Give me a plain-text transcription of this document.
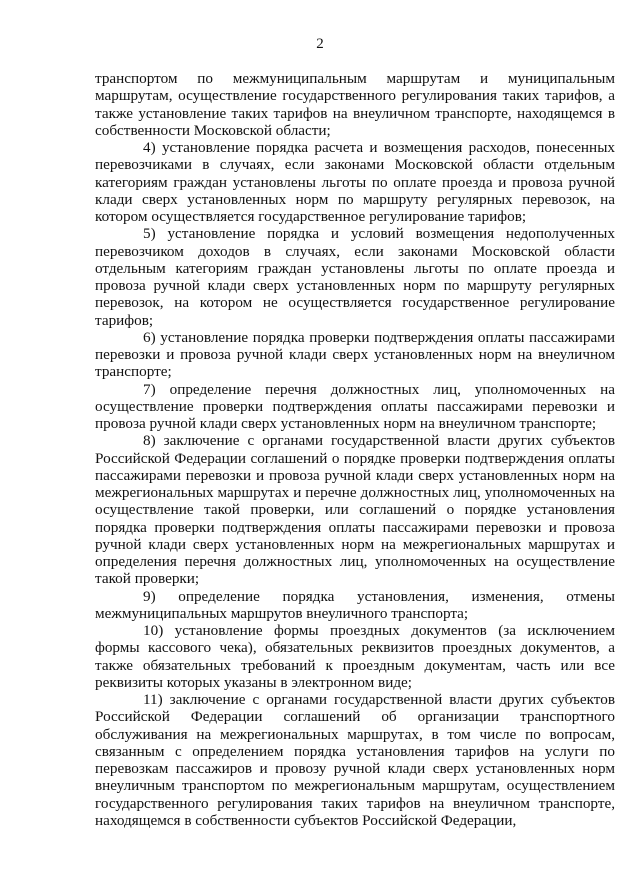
2

транспортом по межмуниципальным маршрутам и муниципальным маршрутам, осуществление государственного регулирования таких тарифов, а также установление таких тарифов на внеуличном транспорте, находящемся в собственности Московской области;

4) установление порядка расчета и возмещения расходов, понесенных перевозчиками в случаях, если законами Московской области отдельным категориям граждан установлены льготы по оплате проезда и провоза ручной клади сверх установленных норм по маршруту регулярных перевозок, на котором осуществляется государственное регулирование тарифов;

5) установление порядка и условий возмещения недополученных перевозчиком доходов в случаях, если законами Московской области отдельным категориям граждан установлены льготы по оплате проезда и провоза ручной клади сверх установленных норм по маршруту регулярных перевозок, на котором не осуществляется государственное регулирование тарифов;

6) установление порядка проверки подтверждения оплаты пассажирами перевозки и провоза ручной клади сверх установленных норм на внеуличном транспорте;

7) определение перечня должностных лиц, уполномоченных на осуществление проверки подтверждения оплаты пассажирами перевозки и провоза ручной клади сверх установленных норм на внеуличном транспорте;

8) заключение с органами государственной власти других субъектов Российской Федерации соглашений о порядке проверки подтверждения оплаты пассажирами перевозки и провоза ручной клади сверх установленных норм на межрегиональных маршрутах и перечне должностных лиц, уполномоченных на осуществление такой проверки, или соглашений о порядке установления порядка проверки подтверждения оплаты пассажирами перевозки и провоза ручной клади сверх установленных норм на межрегиональных маршрутах и определения перечня должностных лиц, уполномоченных на осуществление такой проверки;

9) определение порядка установления, изменения, отмены межмуниципальных маршрутов внеуличного транспорта;

10) установление формы проездных документов (за исключением формы кассового чека), обязательных реквизитов проездных документов, а также обязательных требований к проездным документам, часть или все реквизиты которых указаны в электронном виде;

11) заключение с органами государственной власти других субъектов Российской Федерации соглашений об организации транспортного обслуживания на межрегиональных маршрутах, в том числе по вопросам, связанным с определением порядка установления тарифов на услуги по перевозкам пассажиров и провозу ручной клади сверх установленных норм внеуличным транспортом по межрегиональным маршрутам, осуществлением государственного регулирования таких тарифов на внеуличном транспорте, находящемся в собственности субъектов Российской Федерации,
